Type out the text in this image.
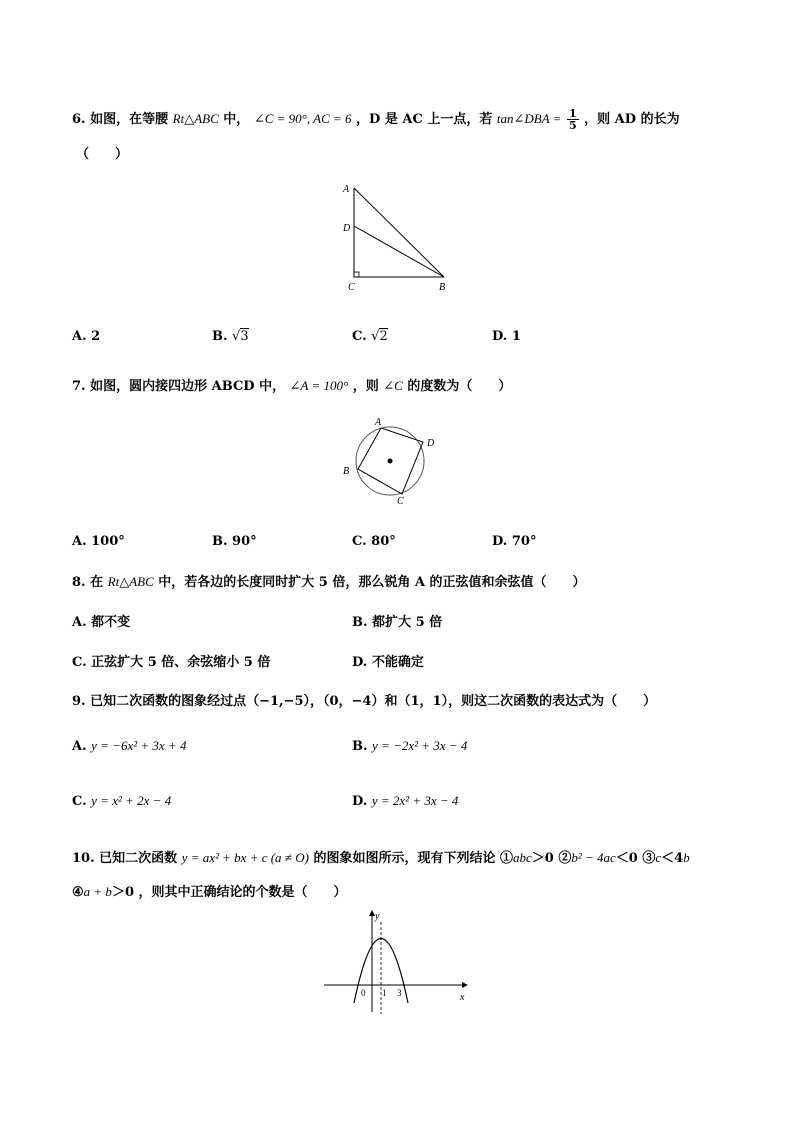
6. 如图，在等腰 Rt△ABC 中， ∠C = 90°, AC = 6 ，D 是 AC 上一点，若 tan∠DBA = $\frac{1}{5}$ ，则 AD 的长为
（　　）
A
D
C	B
A. 2	B. √3	C. √2	D. 1
7. 如图，圆内接四边形 ABCD 中， ∠A = 100° ，则 ∠C 的度数为（　　）
A
D
B
C
A. 100°	B. 90°	C. 80°	D. 70°
8. 在 Rt△ABC 中，若各边的长度同时扩大 5 倍，那么锐角 A 的正弦值和余弦值（　　）
A. 都不变	B. 都扩大 5 倍
C. 正弦扩大 5 倍、余弦缩小 5 倍	D. 不能确定
9. 已知二次函数的图象经过点（−1,−5），（0，−4）和（1，1），则这二次函数的表达式为（　　）
A. y = −6x² + 3x + 4	B. y = −2x² + 3x − 4
C. y = x² + 2x − 4	D. y = 2x² + 3x − 4
10. 已知二次函数 y = ax² + bx + c (a ≠ O) 的图象如图所示，现有下列结论 ①abc＞0 ②b² − 4ac＜0 ③c＜4b
④a + b＞0 ，则其中正确结论的个数是（　　）
y
x
0 1 3
